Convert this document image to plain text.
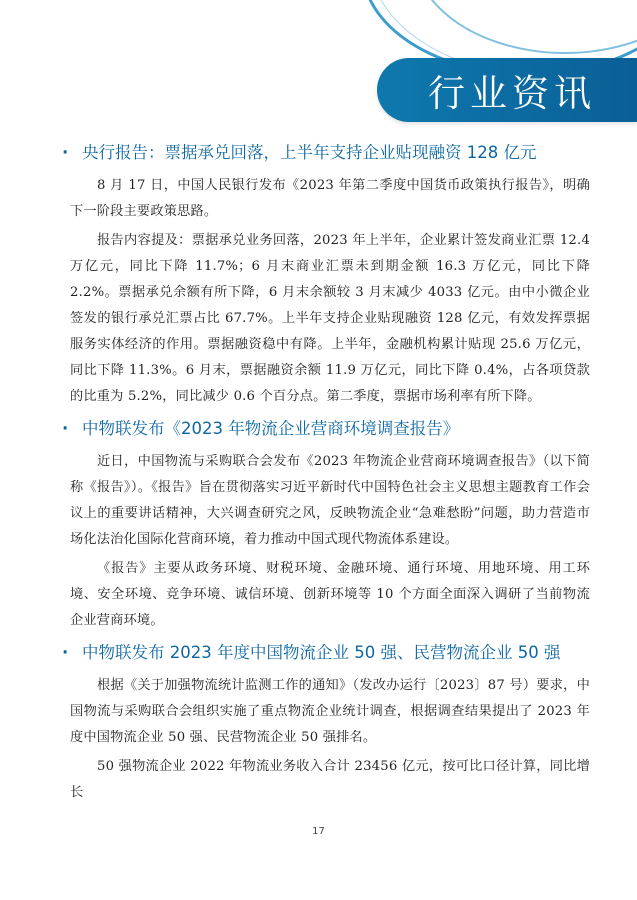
行业资讯
· 央行报告：票据承兑回落，上半年支持企业贴现融资 128 亿元

8 月 17 日，中国人民银行发布《2023 年第二季度中国货币政策执行报告》，明确下一阶段主要政策思路。

报告内容提及：票据承兑业务回落，2023 年上半年，企业累计签发商业汇票 12.4 万亿元，同比下降 11.7%；6 月末商业汇票未到期金额 16.3 万亿元，同比下降 2.2%。票据承兑余额有所下降，6 月末余额较 3 月末减少 4033 亿元。由中小微企业签发的银行承兑汇票占比 67.7%。上半年支持企业贴现融资 128 亿元，有效发挥票据服务实体经济的作用。票据融资稳中有降。上半年，金融机构累计贴现 25.6 万亿元，同比下降 11.3%。6 月末，票据融资余额 11.9 万亿元，同比下降 0.4%，占各项贷款的比重为 5.2%，同比减少 0.6 个百分点。第二季度，票据市场利率有所下降。

· 中物联发布《2023 年物流企业营商环境调查报告》

近日，中国物流与采购联合会发布《2023 年物流企业营商环境调查报告》（以下简称《报告》）。《报告》旨在贯彻落实习近平新时代中国特色社会主义思想主题教育工作会议上的重要讲话精神，大兴调查研究之风，反映物流企业“急难愁盼”问题，助力营造市场化法治化国际化营商环境，着力推动中国式现代物流体系建设。

《报告》主要从政务环境、财税环境、金融环境、通行环境、用地环境、用工环境、安全环境、竞争环境、诚信环境、创新环境等 10 个方面全面深入调研了当前物流企业营商环境。

· 中物联发布 2023 年度中国物流企业 50 强、民营物流企业 50 强

根据《关于加强物流统计监测工作的通知》（发改办运行〔2023〕87 号）要求，中国物流与采购联合会组织实施了重点物流企业统计调查，根据调查结果提出了 2023 年度中国物流企业 50 强、民营物流企业 50 强排名。

50 强物流企业 2022 年物流业务收入合计 23456 亿元，按可比口径计算，同比增长

17
